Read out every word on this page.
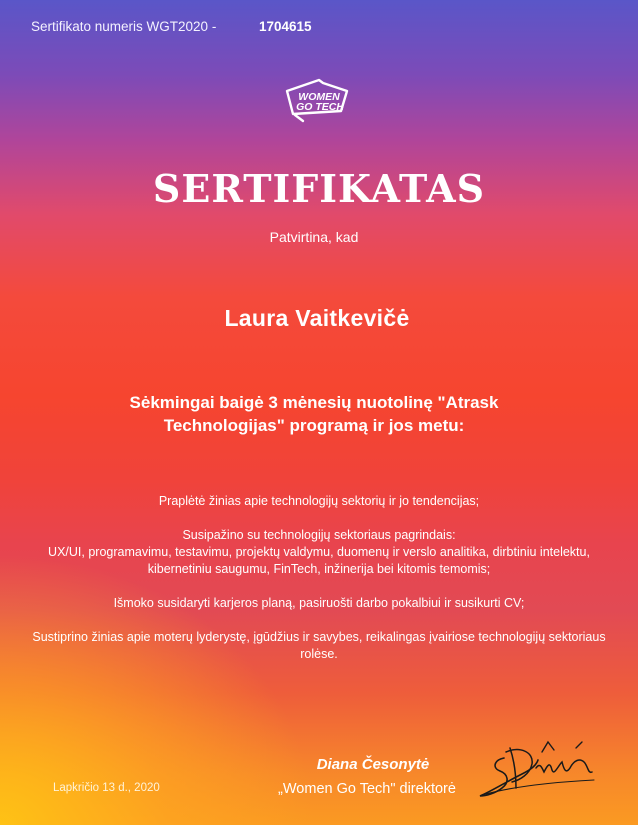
Sertifikato numeris WGT2020 -	1704615
WOMEN
GO TECH
SERTIFIKATAS
Patvirtina, kad
Laura Vaitkevičė
Sėkmingai baigė 3 mėnesių nuotolinę "Atrask Technologijas" programą ir jos metu:

Praplėtė žinias apie technologijų sektorių ir jo tendencijas;

Susipažino su technologijų sektoriaus pagrindais:
UX/UI, programavimu, testavimu, projektų valdymu, duomenų ir verslo analitika, dirbtiniu intelektu, kibernetiniu saugumu, FinTech, inžinerija bei kitomis temomis;

Išmoko susidaryti karjeros planą, pasiruošti darbo pokalbiui ir susikurti CV;

Sustiprino žinias apie moterų lyderystę, įgūdžius ir savybes, reikalingas įvairiose technologijų sektoriaus rolėse.

Lapkričio 13 d., 2020
Diana Česonytė
„Women Go Tech" direktorė
